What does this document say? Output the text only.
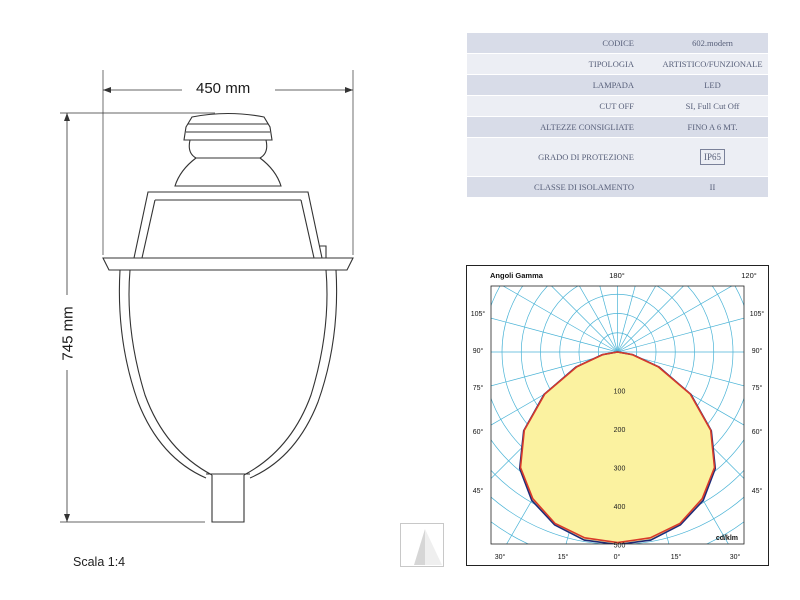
450 mm
745 mm
Scala 1:4
CODICE	602.modern
TIPOLOGIA	ARTISTICO/FUNZIONALE
LAMPADA	LED
CUT OFF	SI, Full Cut Off
ALTEZZE CONSIGLIATE	FINO A 6 MT.
GRADO DI PROTEZIONE	IP65
CLASSE DI ISOLAMENTO	II
100
200
300
400
500
Angoli Gamma	180°	120°
105°	105°
90°	90°
75°	75°
60°	60°
45°	45°
30°	15°	0°	15°	30°
cd/klm
